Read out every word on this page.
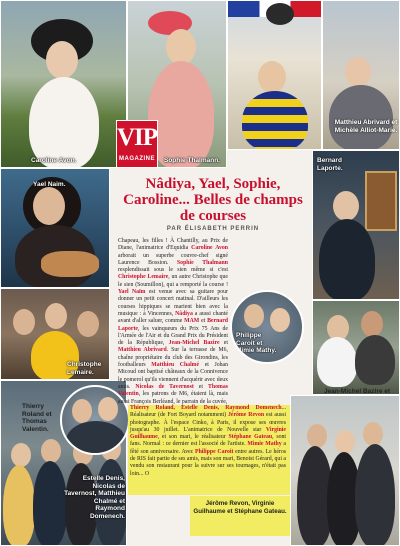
Caroline Avon.	Sophie Thalmann.
Matthieu Abrivard et Michèle Alliot-Marie.
Yael Naim.
Christophe Lemaire.
Bernard Laporte.
Jean-Michel Bazire et
Estelle Denis, Nicolas de Tavernost, Matthieu Chalmé et Raymond Domenech.
Philippe Caroit et Mimie Mathy.
Thierry Roland et Thomas Valentin.
VIP
MAGAZINE
Nâdiya, Yael, Sophie, Caroline... Belles de champs de courses
PAR ÉLISABETH PERRIN
Chapeau, les filles ! À Chantilly, au Prix de Diane, l'animatrice d'Equidia Caroline Avon arborait un superbe couvre-chef signé Laurence Bossion. Sophie Thalmann resplendissait sous le sien même si c'est Christophe Lemaire, un autre Christophe que le sien (Soumillon), qui a remporté la course ! Yael Naïm est venue avec sa guitare pour donner un petit concert matinal. D'ailleurs les courses hippiques se marient bien avec la musique : à Vincennes, Nâdiya a aussi chanté avant d'aller saluer, comme MAM et Bernard Laporte, les vainqueurs du Prix 75 Ans de l'Armée de l'Air et du Grand Prix du Président de la République, Jean-Michel Bazire et Matthieu Abrivard. Sur la terrasse de M6, chaîne propriétaire du club des Girondins, les footballeurs Matthieu Chalmé et Johan Micoud ont baptisé châteaux de la Connivence le pomerol qu'ils viennent d'acquérir avec deux amis. Nicolas de Tavernost et Thomas Valentin, les patrons de M6, étaient là, mais aussi François Berléand, le parrain de la cuvée,
Thierry Roland, Estelle Denis, Raymond Domenech... Réalisateur (de Fort Boyard notamment) Jérôme Revon est aussi photographe. À l'espace Cinko, à Paris, il expose ses œuvres jusqu'au 30 juillet. L'animatrice de Nouvelle star Virginie Guilhaume, et son mari, le réalisateur Stéphane Gateau, sont fans. Normal : ce dernier est l'associé de l'artiste. Mimie Mathy a fêté son anniversaire. Avec Philippe Caroit entre autres. Le héros de RIS fait partie de ses amis, mais son mari, Benoist Gérard, qui a vendu son restaurant pour la suivre sur ses tournages, n'était pas loin... O
Jérôme Revon, Virginie Guilhaume et Stéphane Gateau.
